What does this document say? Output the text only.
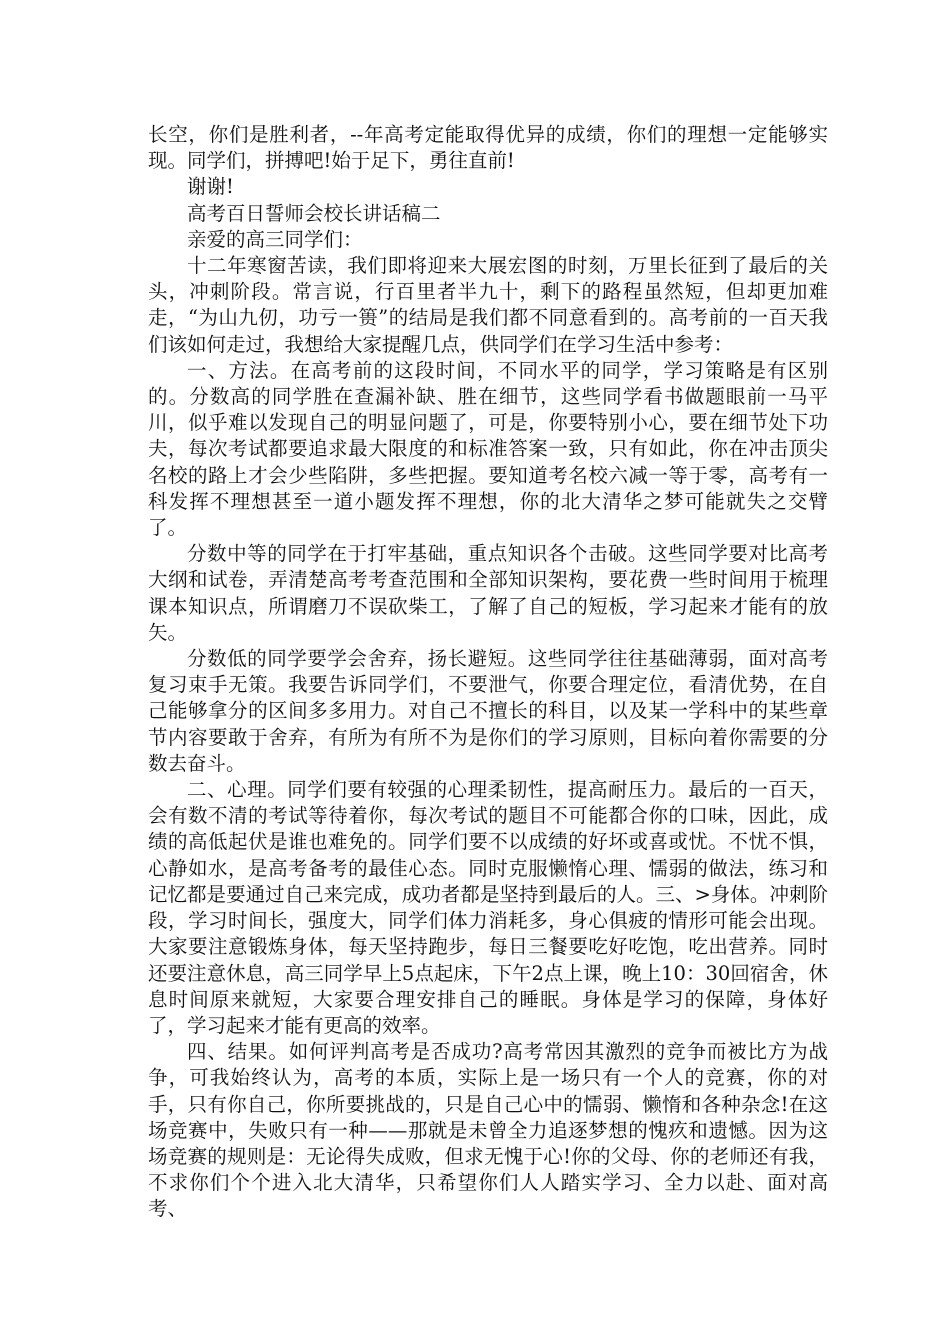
长空，你们是胜利者，--年高考定能取得优异的成绩，你们的理想一定能够实现。同学们，拼搏吧!始于足下，勇往直前!

谢谢!

高考百日誓师会校长讲话稿二

亲爱的高三同学们：

十二年寒窗苦读，我们即将迎来大展宏图的时刻，万里长征到了最后的关头，冲刺阶段。常言说，行百里者半九十，剩下的路程虽然短，但却更加难走，“为山九仞，功亏一篑”的结局是我们都不同意看到的。高考前的一百天我们该如何走过，我想给大家提醒几点，供同学们在学习生活中参考：

一、方法。在高考前的这段时间，不同水平的同学，学习策略是有区别的。分数高的同学胜在查漏补缺、胜在细节，这些同学看书做题眼前一马平川，似乎难以发现自己的明显问题了，可是，你要特别小心，要在细节处下功夫，每次考试都要追求最大限度的和标准答案一致，只有如此，你在冲击顶尖名校的路上才会少些陷阱，多些把握。要知道考名校六减一等于零，高考有一科发挥不理想甚至一道小题发挥不理想，你的北大清华之梦可能就失之交臂了。

分数中等的同学在于打牢基础，重点知识各个击破。这些同学要对比高考大纲和试卷，弄清楚高考考查范围和全部知识架构，要花费一些时间用于梳理课本知识点，所谓磨刀不误砍柴工，了解了自己的短板，学习起来才能有的放矢。

分数低的同学要学会舍弃，扬长避短。这些同学往往基础薄弱，面对高考复习束手无策。我要告诉同学们，不要泄气，你要合理定位，看清优势，在自己能够拿分的区间多多用力。对自己不擅长的科目，以及某一学科中的某些章节内容要敢于舍弃，有所为有所不为是你们的学习原则，目标向着你需要的分数去奋斗。

二、心理。同学们要有较强的心理柔韧性，提高耐压力。最后的一百天，会有数不清的考试等待着你，每次考试的题目不可能都合你的口味，因此，成绩的高低起伏是谁也难免的。同学们要不以成绩的好坏或喜或忧。不忧不惧，心静如水，是高考备考的最佳心态。同时克服懒惰心理、懦弱的做法，练习和记忆都是要通过自己来完成，成功者都是坚持到最后的人。三、>身体。冲刺阶段，学习时间长，强度大，同学们体力消耗多，身心俱疲的情形可能会出现。大家要注意锻炼身体，每天坚持跑步，每日三餐要吃好吃饱，吃出营养。同时还要注意休息，高三同学早上5点起床，下午2点上课，晚上10：30回宿舍，休息时间原来就短，大家要合理安排自己的睡眠。身体是学习的保障，身体好了，学习起来才能有更高的效率。

四、结果。如何评判高考是否成功?高考常因其激烈的竞争而被比方为战争，可我始终认为，高考的本质，实际上是一场只有一个人的竞赛，你的对手，只有你自己，你所要挑战的，只是自己心中的懦弱、懒惰和各种杂念!在这场竞赛中，失败只有一种——那就是未曾全力追逐梦想的愧疚和遗憾。因为这场竞赛的规则是：无论得失成败，但求无愧于心!你的父母、你的老师还有我，不求你们个个进入北大清华，只希望你们人人踏实学习、全力以赴、面对高考、
